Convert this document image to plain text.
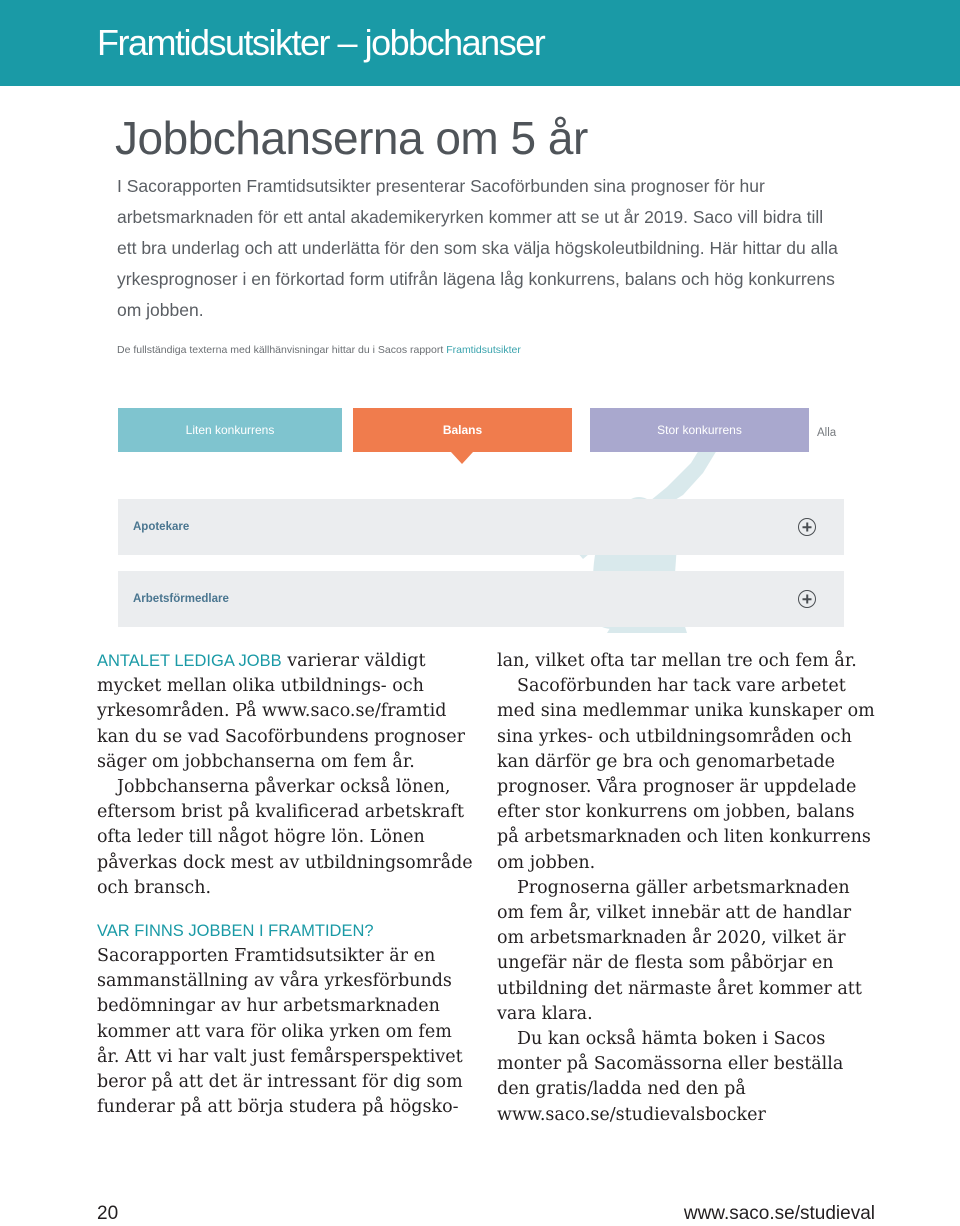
Framtidsutsikter – jobbchanser
Jobbchanserna om 5 år

I Sacorapporten Framtidsutsikter presenterar Sacoförbunden sina prognoser för hur arbetsmarknaden för ett antal akademikeryrken kommer att se ut år 2019. Saco vill bidra till ett bra underlag och att underlätta för den som ska välja högskoleutbildning. Här hittar du alla yrkesprognoser i en förkortad form utifrån lägena låg konkurrens, balans och hög konkurrens om jobben.

De fullständiga texterna med källhänvisningar hittar du i Sacos rapport Framtidsutsikter

Liten konkurrens	Balans	Stor konkurrens	Alla
Apotekare
Arbetsförmedlare

ANTALET LEDIGA JOBB varierar väldigt mycket mellan olika utbildnings- och yrkesområden. På www.saco.se/framtid kan du se vad Sacoförbundens prognoser säger om jobbchanserna om fem år.

Jobbchanserna påverkar också lönen, eftersom brist på kvalificerad arbetskraft ofta leder till något högre lön. Lönen påverkas dock mest av utbildningsområde och bransch.

VAR FINNS JOBBEN I FRAMTIDEN?

Sacorapporten Framtidsutsikter är en sammanställning av våra yrkesförbunds bedömningar av hur arbetsmarknaden kommer att vara för olika yrken om fem år. Att vi har valt just femårsperspektivet beror på att det är intressant för dig som funderar på att börja studera på högsko-

lan, vilket ofta tar mellan tre och fem år.

Sacoförbunden har tack vare arbetet med sina medlemmar unika kunskaper om sina yrkes- och utbildningsområden och kan därför ge bra och genomarbetade prognoser. Våra prognoser är uppdelade efter stor konkurrens om jobben, balans på arbetsmarknaden och liten konkurrens om jobben.

Prognoserna gäller arbetsmarknaden om fem år, vilket innebär att de handlar om arbetsmarknaden år 2020, vilket är ungefär när de flesta som påbörjar en utbildning det närmaste året kommer att vara klara.

Du kan också hämta boken i Sacos monter på Sacomässorna eller beställa den gratis/ladda ned den på www.saco.se/studievalsbocker

20	www.saco.se/studieval
